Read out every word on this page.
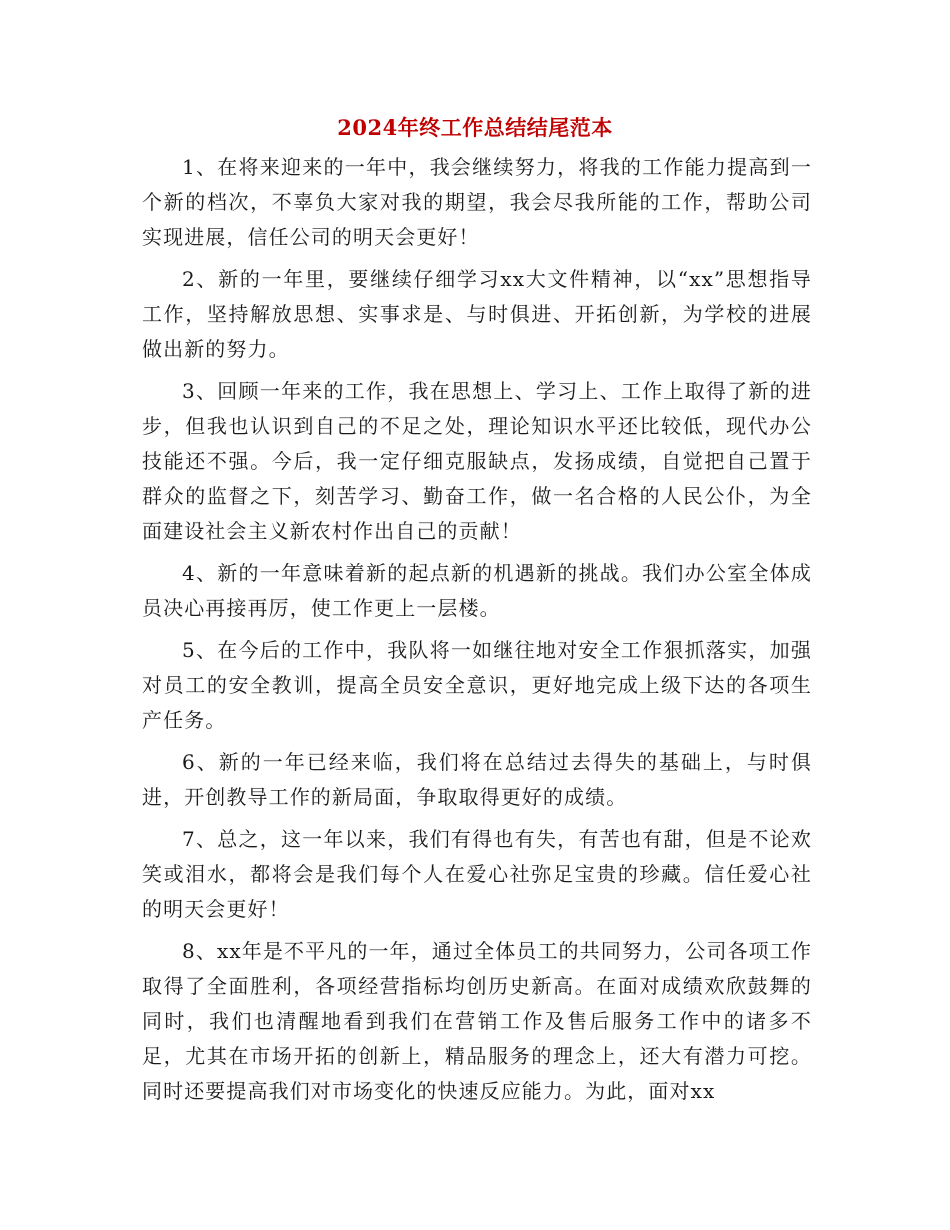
2024年终工作总结结尾范本

1、在将来迎来的一年中，我会继续努力，将我的工作能力提高到一个新的档次，不辜负大家对我的期望，我会尽我所能的工作，帮助公司实现进展，信任公司的明天会更好！

2、新的一年里，要继续仔细学习xx大文件精神，以“xx”思想指导工作，坚持解放思想、实事求是、与时俱进、开拓创新，为学校的进展做出新的努力。

3、回顾一年来的工作，我在思想上、学习上、工作上取得了新的进步，但我也认识到自己的不足之处，理论知识水平还比较低，现代办公技能还不强。今后，我一定仔细克服缺点，发扬成绩，自觉把自己置于群众的监督之下，刻苦学习、勤奋工作，做一名合格的人民公仆，为全面建设社会主义新农村作出自己的贡献！

4、新的一年意味着新的起点新的机遇新的挑战。我们办公室全体成员决心再接再厉，使工作更上一层楼。

5、在今后的工作中，我队将一如继往地对安全工作狠抓落实，加强对员工的安全教训，提高全员安全意识，更好地完成上级下达的各项生产任务。

6、新的一年已经来临，我们将在总结过去得失的基础上，与时俱进，开创教导工作的新局面，争取取得更好的成绩。

7、总之，这一年以来，我们有得也有失，有苦也有甜，但是不论欢笑或泪水，都将会是我们每个人在爱心社弥足宝贵的珍藏。信任爱心社的明天会更好！

8、xx年是不平凡的一年，通过全体员工的共同努力，公司各项工作取得了全面胜利，各项经营指标均创历史新高。在面对成绩欢欣鼓舞的同时，我们也清醒地看到我们在营销工作及售后服务工作中的诸多不足，尤其在市场开拓的创新上，精品服务的理念上，还大有潜力可挖。同时还要提高我们对市场变化的快速反应能力。为此，面对xx
